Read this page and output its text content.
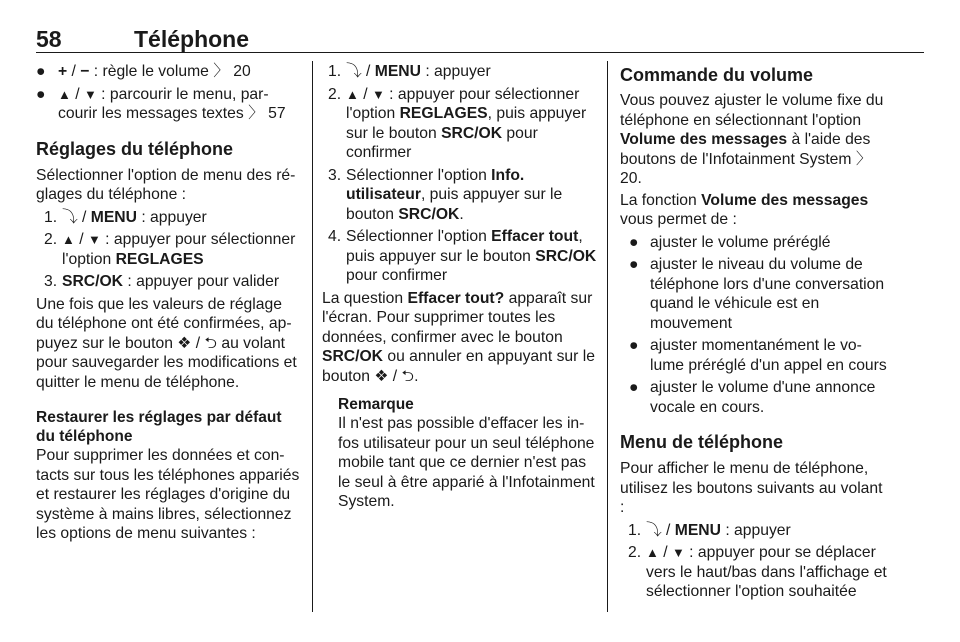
58	Téléphone
● + / − : règle le volume 〉 20
● ▲ / ▼ : parcourir le menu, parcourir les messages textes 〉 57
Réglages du téléphone

Sélectionner l'option de menu des réglages du téléphone :

1. ⤵ / MENU : appuyer
2. ▲ / ▼ : appuyer pour sélectionner l'option REGLAGES
3. SRC/OK : appuyer pour valider

Une fois que les valeurs de réglage du téléphone ont été confirmées, appuyez sur le bouton ❖ / ⮌ au volant pour sauvegarder les modifications et quitter le menu de téléphone.

Restaurer les réglages par défaut du téléphone

Pour supprimer les données et contacts sur tous les téléphones appariés et restaurer les réglages d'origine du système à mains libres, sélectionnez les options de menu suivantes :

1. ⤵ / MENU : appuyer
2. ▲ / ▼ : appuyer pour sélectionner l'option REGLAGES, puis appuyer sur le bouton SRC/OK pour confirmer
3. Sélectionner l'option Info. utilisateur, puis appuyer sur le bouton SRC/OK.
4. Sélectionner l'option Effacer tout, puis appuyer sur le bouton SRC/OK pour confirmer

La question Effacer tout? apparaît sur l'écran. Pour supprimer toutes les données, confirmer avec le bouton SRC/OK ou annuler en appuyant sur le bouton ❖ / ⮌.

Remarque

Il n'est pas possible d'effacer les infos utilisateur pour un seul téléphone mobile tant que ce dernier n'est pas le seul à être apparié à l'Infotainment System.

Commande du volume

Vous pouvez ajuster le volume fixe du téléphone en sélectionnant l'option Volume des messages à l'aide des boutons de l'Infotainment System 〉 20.

La fonction Volume des messages vous permet de :

● ajuster le volume préréglé
● ajuster le niveau du volume de téléphone lors d'une conversation quand le véhicule est en mouvement
● ajuster momentanément le volume préréglé d'un appel en cours
● ajuster le volume d'une annonce vocale en cours.
Menu de téléphone

Pour afficher le menu de téléphone, utilisez les boutons suivants au volant :

1. ⤵ / MENU : appuyer
2. ▲ / ▼ : appuyer pour se déplacer vers le haut/bas dans l'affichage et sélectionner l'option souhaitée
